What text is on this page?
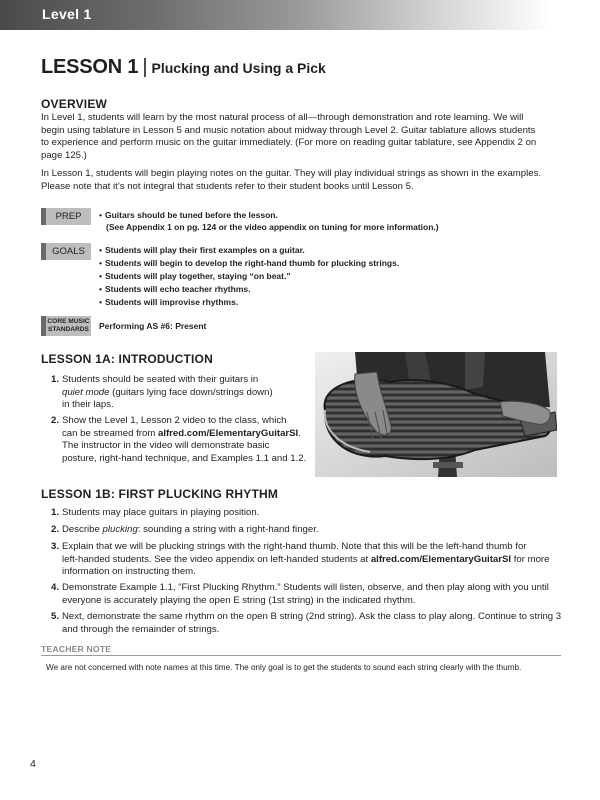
Level 1
LESSON 1 | Plucking and Using a Pick
OVERVIEW
In Level 1, students will learn by the most natural process of all—through demonstration and rote learning. We will
begin using tablature in Lesson 5 and music notation about midway through Level 2. Guitar tablature allows students
to experience and perform music on the guitar immediately. (For more on reading guitar tablature, see Appendix 2 on
page 125.)
In Lesson 1, students will begin playing notes on the guitar. They will play individual strings as shown in the examples.
Please note that it’s not integral that students refer to their student books until Lesson 5.
PREP	• Guitars should be tuned before the lesson.
(See Appendix 1 on pg. 124 or the video appendix on tuning for more information.)
GOALS	• Students will play their first examples on a guitar.
• Students will begin to develop the right-hand thumb for plucking strings.
• Students will play together, staying “on beat.”
• Students will echo teacher rhythms.
• Students will improvise rhythms.
CORE MUSIC
STANDARDS Performing AS #6: Present
LESSON 1A: INTRODUCTION
1. Students should be seated with their guitars in
quiet mode (guitars lying face down/strings down)
in their laps.
2. Show the Level 1, Lesson 2 video to the class, which
can be streamed from alfred.com/ElementaryGuitarSI.
The instructor in the video will demonstrate basic
posture, right-hand technique, and Examples 1.1 and 1.2.
LESSON 1B: FIRST PLUCKING RHYTHM
1. Students may place guitars in playing position.
2. Describe plucking: sounding a string with a right-hand finger.
3. Explain that we will be plucking strings with the right-hand thumb. Note that this will be the left-hand thumb for
left-handed students. See the video appendix on left-handed students at alfred.com/ElementaryGuitarSI for more
information on instructing them.
4. Demonstrate Example 1.1, “First Plucking Rhythm.” Students will listen, observe, and then play along with you until
everyone is accurately playing the open E string (1st string) in the indicated rhythm.
5. Next, demonstrate the same rhythm on the open B string (2nd string). Ask the class to play along. Continue to string 3
and through the remainder of strings.
TEACHER NOTE
We are not concerned with note names at this time. The only goal is to get the students to sound each string clearly with the thumb.
4
